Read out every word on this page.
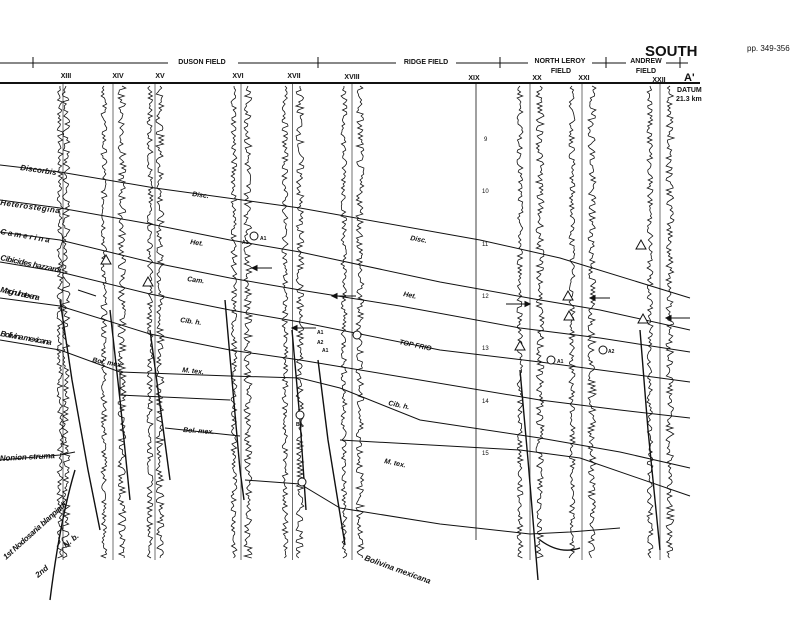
DUSON FIELD	RIDGE FIELD	NORTH LEROY
FIELD
ANDREW
FIELD
SOUTH	pp. 349-356
A'
DATUM
21.3 km
XIII	XIV	XV	XVI	XVII	XVIII	XIX	XX	XXI	XXII
Discorbis
Heterostegina
Camerina
Cibicides hazzardi
Marginulina texana
Bolivina mexicana
Nonion struma
Disc.
Het.
Cam.
Cib. h.
Bol. mex.
M. tex.
Bol. mex.
Disc.
Het.
TOP FRIO
Cib. h.
M. tex.
Bolivina mexicana
1st Nodosaria blanpiedi
2nd
N. b.
9
10
11
12
13
14
15
A1
A1
A2
B1
A1
A1
A2
A1
